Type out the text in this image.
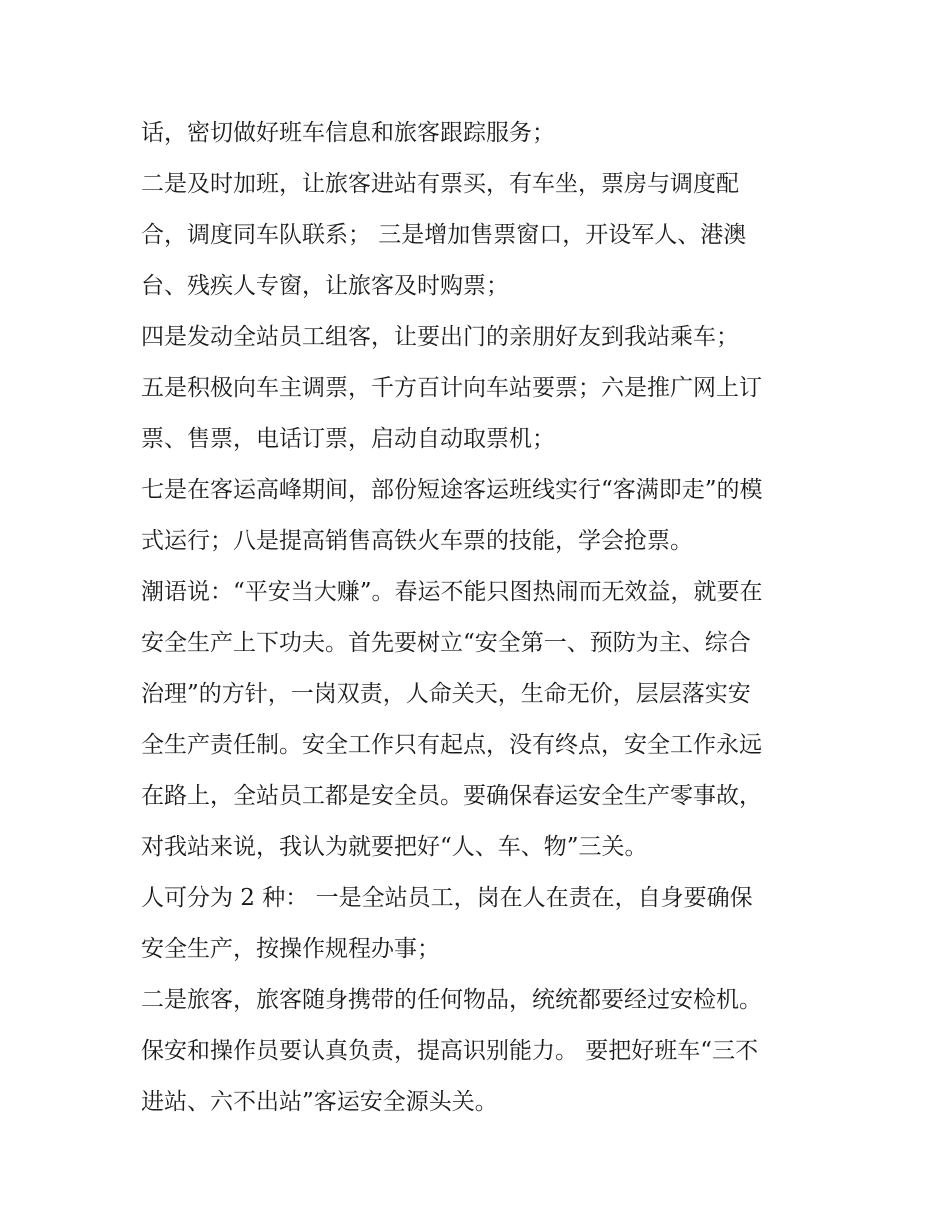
话，密切做好班车信息和旅客跟踪服务；
二是及时加班，让旅客进站有票买，有车坐，票房与调度配
合，调度同车队联系； 三是增加售票窗口，开设军人、港澳
台、残疾人专窗，让旅客及时购票；
四是发动全站员工组客，让要出门的亲朋好友到我站乘车；
五是积极向车主调票，千方百计向车站要票；六是推广网上订
票、售票，电话订票，启动自动取票机；
七是在客运高峰期间，部份短途客运班线实行“客满即走”的模
式运行；八是提高销售高铁火车票的技能，学会抢票。
潮语说：“平安当大赚”。春运不能只图热闹而无效益，就要在
安全生产上下功夫。首先要树立“安全第一、预防为主、综合
治理”的方针，一岗双责，人命关天，生命无价，层层落实安
全生产责任制。安全工作只有起点，没有终点，安全工作永远
在路上，全站员工都是安全员。要确保春运安全生产零事故，
对我站来说，我认为就要把好“人、车、物”三关。
人可分为 2 种： 一是全站员工，岗在人在责在，自身要确保
安全生产，按操作规程办事；
二是旅客，旅客随身携带的任何物品，统统都要经过安检机。
保安和操作员要认真负责，提高识别能力。 要把好班车“三不
进站、六不出站”客运安全源头关。
